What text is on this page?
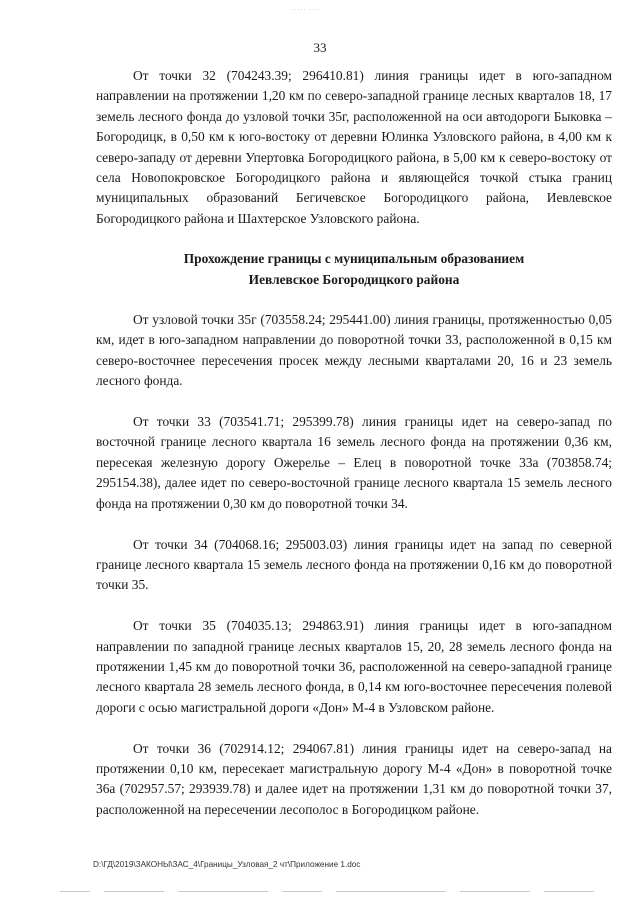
∙∙∙·∙ ·∙·∙
33

От точки 32 (704243.39; 296410.81) линия границы идет в юго-западном направлении на протяжении 1,20 км по северо-западной границе лесных кварталов 18, 17 земель лесного фонда до узловой точки 35г, расположенной на оси автодороги Быковка – Богородицк, в 0,50 км к юго-востоку от деревни Юлинка Узловского района, в 4,00 км к северо-западу от деревни Упертовка Богородицкого района, в 5,00 км к северо-востоку от села Новопокровское Богородицкого района и являющейся точкой стыка границ муниципальных образований Бегичевское Богородицкого района, Иевлевское Богородицкого района и Шахтерское Узловского района.

Прохождение границы с муниципальным образованием
Иевлевское Богородицкого района

От узловой точки 35г (703558.24; 295441.00) линия границы, протяженностью 0,05 км, идет в юго-западном направлении до поворотной точки 33, расположенной в 0,15 км северо-восточнее пересечения просек между лесными кварталами 20, 16 и 23 земель лесного фонда.

От точки 33 (703541.71; 295399.78) линия границы идет на северо-запад по восточной границе лесного квартала 16 земель лесного фонда на протяжении 0,36 км, пересекая железную дорогу Ожерелье – Елец в поворотной точке 33а (703858.74; 295154.38), далее идет по северо-восточной границе лесного квартала 15 земель лесного фонда на протяжении 0,30 км до поворотной точки 34.

От точки 34 (704068.16; 295003.03) линия границы идет на запад по северной границе лесного квартала 15 земель лесного фонда на протяжении 0,16 км до поворотной точки 35.

От точки 35 (704035.13; 294863.91) линия границы идет в юго-западном направлении по западной границе лесных кварталов 15, 20, 28 земель лесного фонда на протяжении 1,45 км до поворотной точки 36, расположенной на северо-западной границе лесного квартала 28 земель лесного фонда, в 0,14 км юго-восточнее пересечения полевой дороги с осью магистральной дороги «Дон» М-4 в Узловском районе.

От точки 36 (702914.12; 294067.81) линия границы идет на северо-запад на протяжении 0,10 км, пересекает магистральную дорогу М-4 «Дон» в поворотной точке 36а (702957.57; 293939.78) и далее идет на протяжении 1,31 км до поворотной точки 37, расположенной на пересечении лесополос в Богородицком районе.

D:\ГД\2019\ЗАКОНЫ\ЗАС_4\Границы_Узловая_2 чт\Приложение 1.doc
